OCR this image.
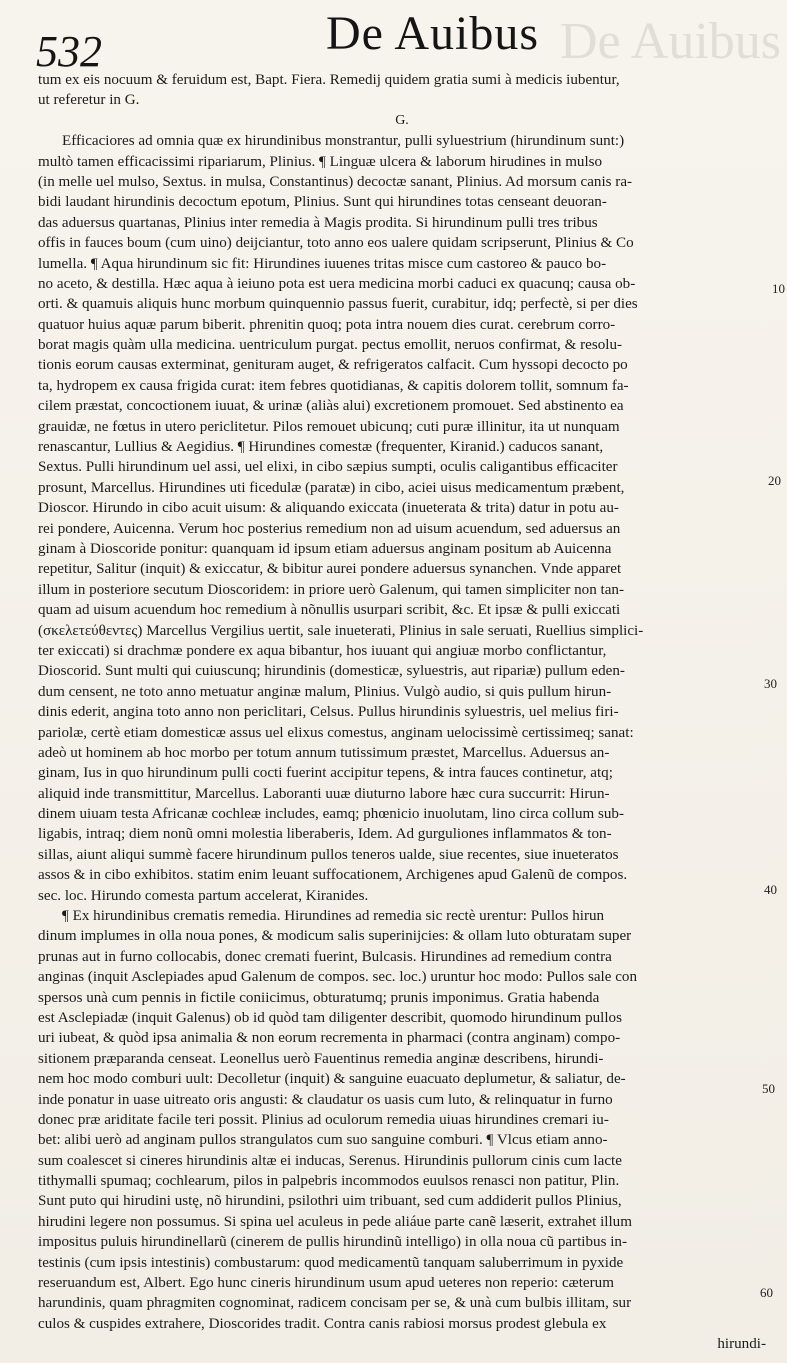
De Auibus
532	De Auibus
tum ex eis nocuum & feruidum est, Bapt. Fiera. Remedij quidem gratia sumi à medicis iubentur,
ut referetur in G.
G.
Efficaciores ad omnia quæ ex hirundinibus monstrantur, pulli syluestrium (hirundinum sunt:)
multò tamen efficacissimi ripariarum, Plinius. ¶ Linguæ ulcera & laborum hirudines in mulso
(in melle uel mulso, Sextus. in mulsa, Constantinus) decoctæ sanant, Plinius. Ad morsum canis ra-
bidi laudant hirundinis decoctum epotum, Plinius. Sunt qui hirundines totas censeant deuoran-
das aduersus quartanas, Plinius inter remedia à Magis prodita. Si hirundinum pulli tres tribus
offis in fauces boum (cum uino) deijciantur, toto anno eos ualere quidam scripserunt, Plinius & Co
lumella. ¶ Aqua hirundinum sic fit: Hirundines iuuenes tritas misce cum castoreo & pauco bo-
no aceto, & destilla. Hæc aqua à ieiuno pota est uera medicina morbi caduci ex quacunq; causa ob-
orti. & quamuis aliquis hunc morbum quinquennio passus fuerit, curabitur, idq; perfectè, si per dies
quatuor huius aquæ parum biberit. phrenitin quoq; pota intra nouem dies curat. cerebrum corro-
borat magis quàm ulla medicina. uentriculum purgat. pectus emollit, neruos confirmat, & resolu-
tionis eorum causas exterminat, genituram auget, & refrigeratos calfacit. Cum hyssopi decocto po
ta, hydropem ex causa frigida curat: item febres quotidianas, & capitis dolorem tollit, somnum fa-
cilem præstat, concoctionem iuuat, & urinæ (aliàs alui) excretionem promouet. Sed abstinento ea
grauidæ, ne fœtus in utero periclitetur. Pilos remouet ubicunq; cuti puræ illinitur, ita ut nunquam
renascantur, Lullius & Aegidius. ¶ Hirundines comestæ (frequenter, Kiranid.) caducos sanant,
Sextus. Pulli hirundinum uel assi, uel elixi, in cibo sæpius sumpti, oculis caligantibus efficaciter
prosunt, Marcellus. Hirundines uti ficedulæ (paratæ) in cibo, aciei uisus medicamentum præbent,
Dioscor. Hirundo in cibo acuit uisum: & aliquando exiccata (inueterata & trita) datur in potu au-
rei pondere, Auicenna. Verum hoc posterius remedium non ad uisum acuendum, sed aduersus an
ginam à Dioscoride ponitur: quanquam id ipsum etiam aduersus anginam positum ab Auicenna
repetitur, Salitur (inquit) & exiccatur, & bibitur aurei pondere aduersus synanchen. Vnde apparet
illum in posteriore secutum Dioscoridem: in priore uerò Galenum, qui tamen simpliciter non tan-
quam ad uisum acuendum hoc remedium à nõnullis usurpari scribit, &c. Et ipsæ & pulli exiccati
(σκελετεύθεντες) Marcellus Vergilius uertit, sale inueterati, Plinius in sale seruati, Ruellius simplici-
ter exiccati) si drachmæ pondere ex aqua bibantur, hos iuuant qui angiuæ morbo conflictantur,
Dioscorid. Sunt multi qui cuiuscunq; hirundinis (domesticæ, syluestris, aut ripariæ) pullum eden-
dum censent, ne toto anno metuatur anginæ malum, Plinius. Vulgò audio, si quis pullum hirun-
dinis ederit, angina toto anno non periclitari, Celsus. Pullus hirundinis syluestris, uel melius firi-
pariolæ, certè etiam domesticæ assus uel elixus comestus, anginam uelocissimè certissimeq; sanat:
adeò ut hominem ab hoc morbo per totum annum tutissimum præstet, Marcellus. Aduersus an-
ginam, Ius in quo hirundinum pulli cocti fuerint accipitur tepens, & intra fauces continetur, atq;
aliquid inde transmittitur, Marcellus. Laboranti uuæ diuturno labore hæc cura succurrit: Hirun-
dinem uiuam testa Africanæ cochleæ includes, eamq; phœnicio inuolutam, lino circa collum sub-
ligabis, intraq; diem nonũ omni molestia liberaberis, Idem. Ad gurguliones inflammatos & ton-
sillas, aiunt aliqui summè facere hirundinum pullos teneros ualde, siue recentes, siue inueteratos
assos & in cibo exhibitos. statim enim leuant suffocationem, Archigenes apud Galenũ de compos.
sec. loc. Hirundo comesta partum accelerat, Kiranides.
¶ Ex hirundinibus crematis remedia. Hirundines ad remedia sic rectè urentur: Pullos hirun
dinum implumes in olla noua pones, & modicum salis superinijcies: & ollam luto obturatam super
prunas aut in furno collocabis, donec cremati fuerint, Bulcasis. Hirundines ad remedium contra
anginas (inquit Asclepiades apud Galenum de compos. sec. loc.) uruntur hoc modo: Pullos sale con
spersos unà cum pennis in fictile coniicimus, obturatumq; prunis imponimus. Gratia habenda
est Asclepiadæ (inquit Galenus) ob id quòd tam diligenter describit, quomodo hirundinum pullos
uri iubeat, & quòd ipsa animalia & non eorum recrementa in pharmaci (contra anginam) compo-
sitionem præparanda censeat. Leonellus uerò Fauentinus remedia anginæ describens, hirundi-
nem hoc modo comburi uult: Decolletur (inquit) & sanguine euacuato deplumetur, & saliatur, de-
inde ponatur in uase uitreato oris angusti: & claudatur os uasis cum luto, & relinquatur in furno
donec præ ariditate facile teri possit. Plinius ad oculorum remedia uiuas hirundines cremari iu-
bet: alibi uerò ad anginam pullos strangulatos cum suo sanguine comburi. ¶ Vlcus etiam anno-
sum coalescet si cineres hirundinis altæ ei inducas, Serenus. Hirundinis pullorum cinis cum lacte
tithymalli spumaq; cochlearum, pilos in palpebris incommodos euulsos renasci non patitur, Plin.
Sunt puto qui hirudini ustę, nõ hirundini, psilothri uim tribuant, sed cum addiderit pullos Plinius,
hirudini legere non possumus. Si spina uel aculeus in pede aliáue parte canẽ læserit, extrahet illum
impositus puluis hirundinellarũ (cinerem de pullis hirundinũ intelligo) in olla noua cũ partibus in-
testinis (cum ipsis intestinis) combustarum: quod medicamentũ tanquam saluberrimum in pyxide
reseruandum est, Albert. Ego hunc cineris hirundinum usum apud ueteres non reperio: cæterum
harundinis, quam phragmiten cognominat, radicem concisam per se, & unà cum bulbis illitam, sur
culos & cuspides extrahere, Dioscorides tradit. Contra canis rabiosi morsus prodest glebula ex
hirundi-
10
20
30
40
50
60
